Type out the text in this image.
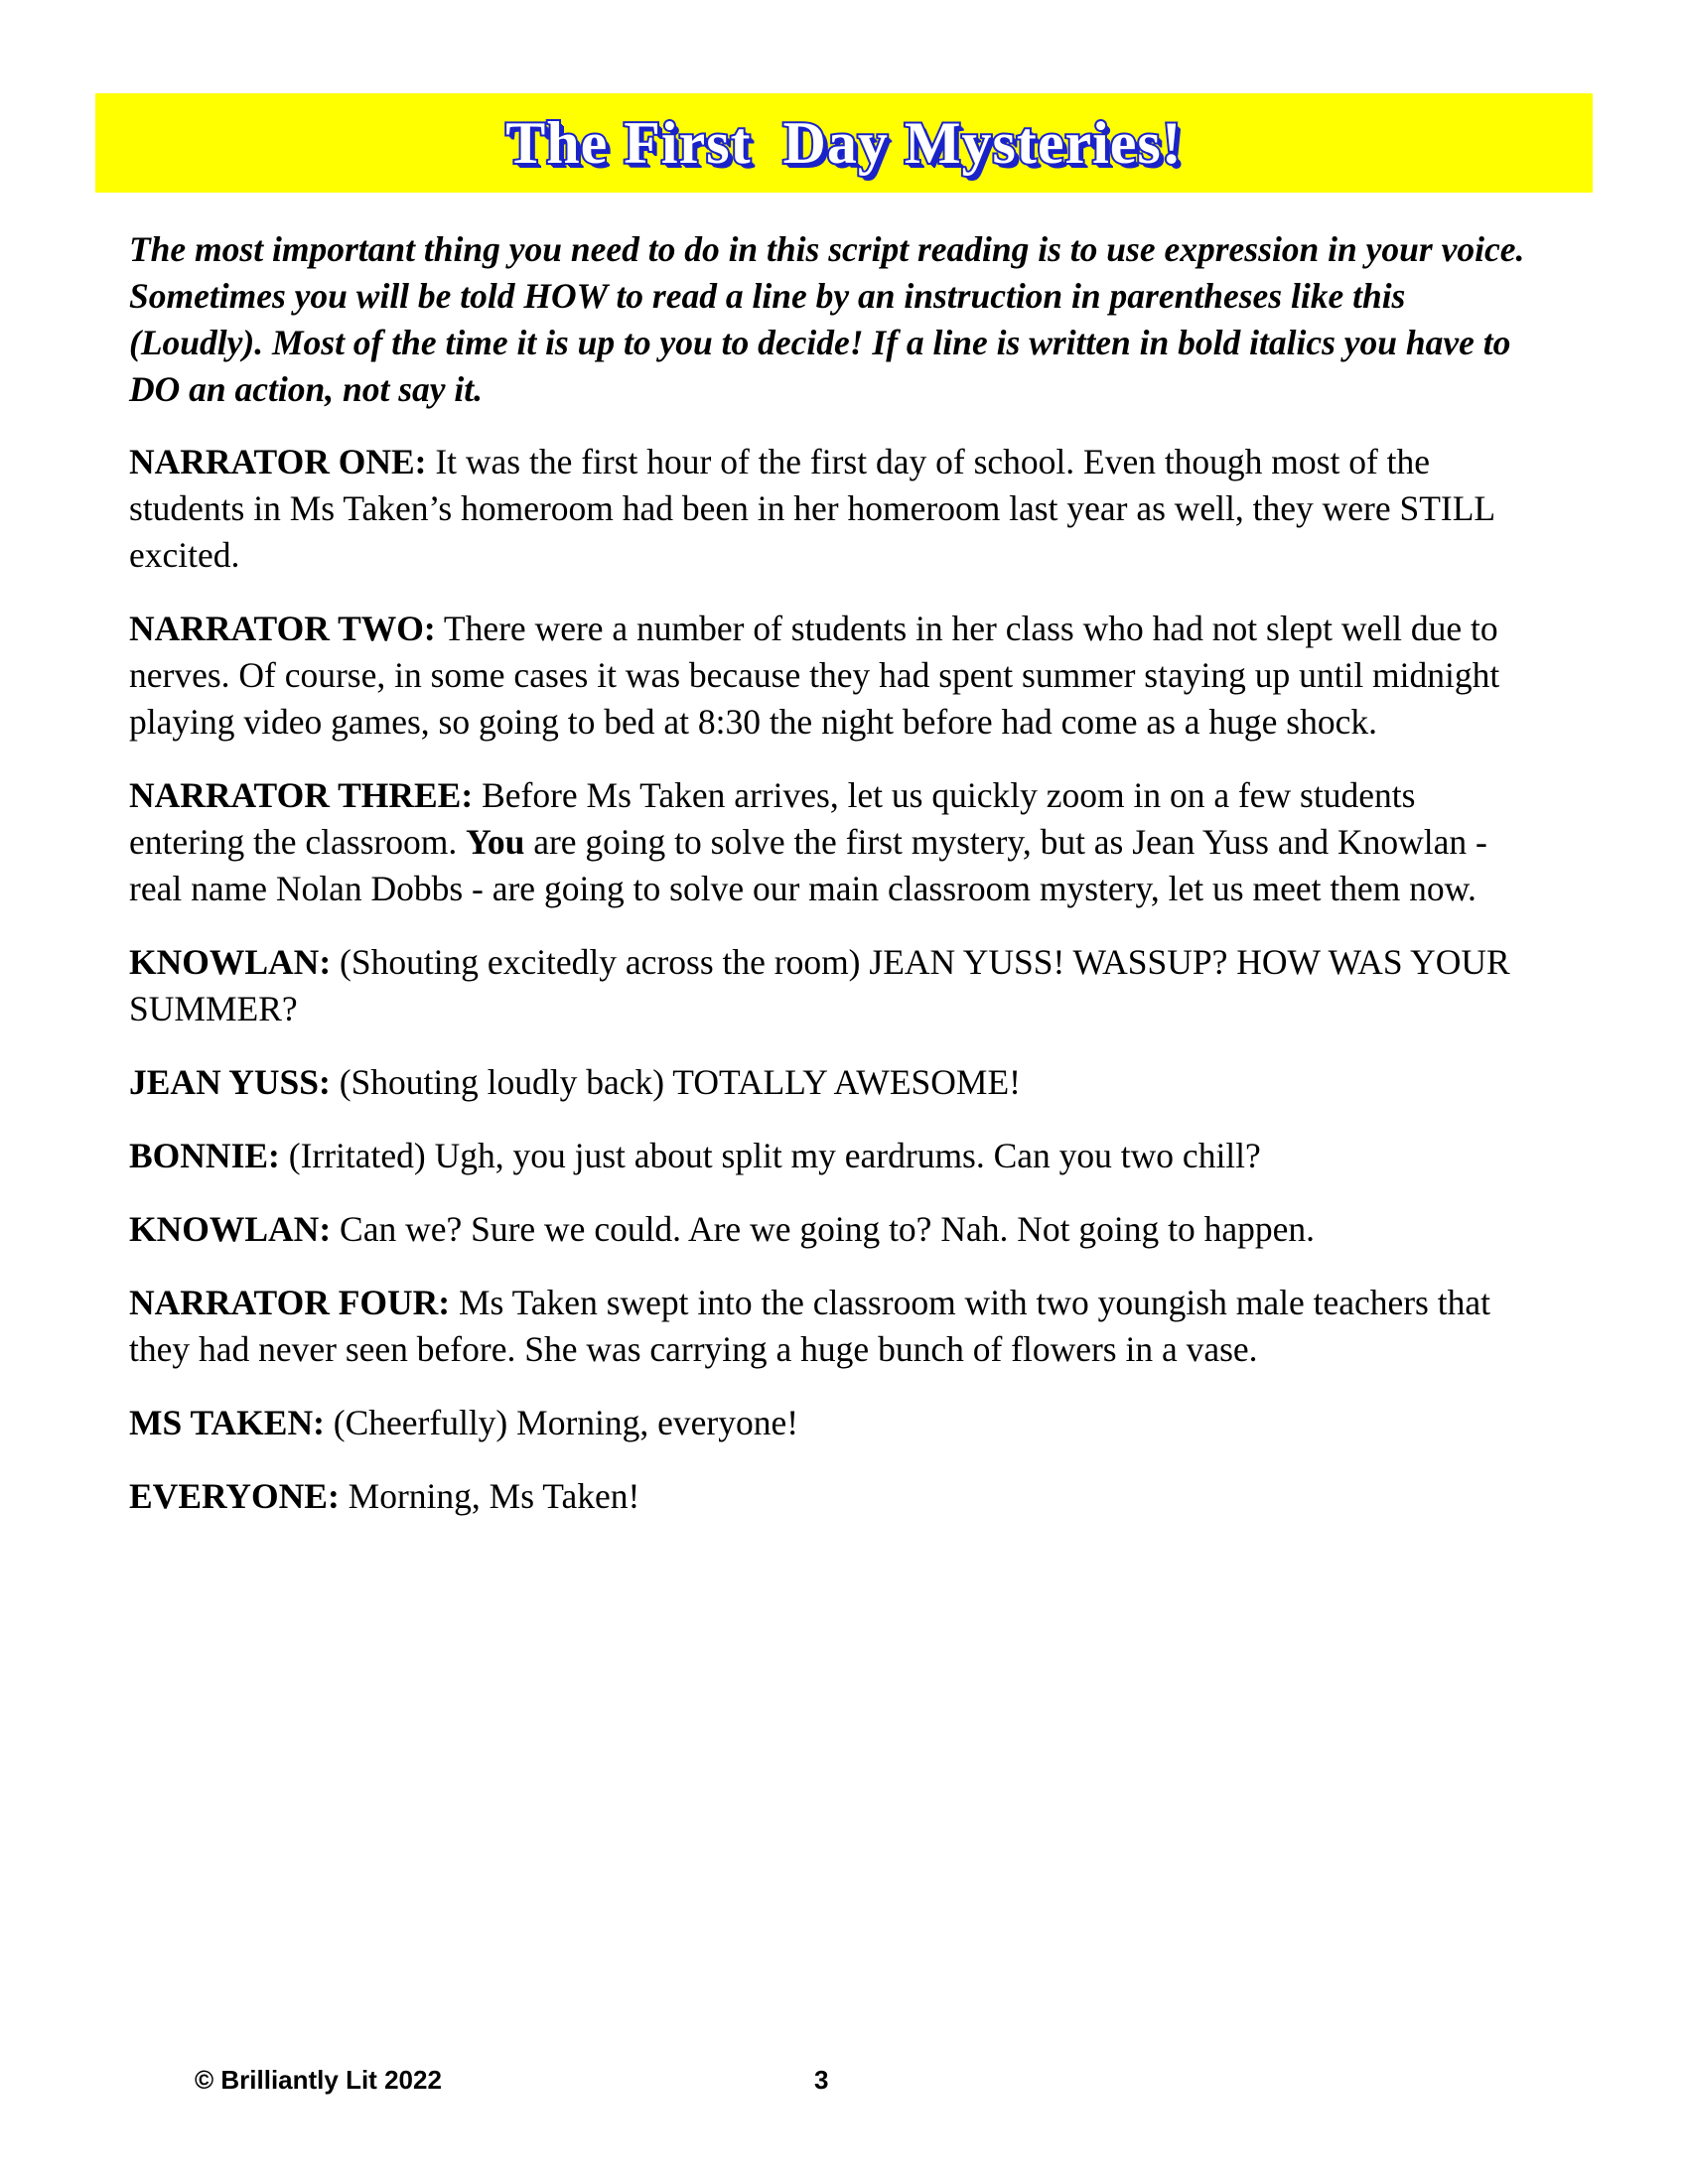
The First  Day Mysteries!

The most important thing you need to do in this script reading is to use expression in your voice. Sometimes you will be told HOW to read a line by an instruction in parentheses like this (Loudly). Most of the time it is up to you to decide! If a line is written in bold italics you have to DO an action, not say it.

NARRATOR ONE: It was the first hour of the first day of school. Even though most of the students in Ms Taken’s homeroom had been in her homeroom last year as well, they were STILL excited.

NARRATOR TWO: There were a number of students in her class who had not slept well due to nerves. Of course, in some cases it was because they had spent summer staying up until midnight playing video games, so going to bed at 8:30 the night before had come as a huge shock.

NARRATOR THREE: Before Ms Taken arrives, let us quickly zoom in on a few students entering the classroom. You are going to solve the first mystery, but as Jean Yuss and Knowlan - real name Nolan Dobbs - are going to solve our main classroom mystery, let us meet them now.

KNOWLAN: (Shouting excitedly across the room) JEAN YUSS! WASSUP? HOW WAS YOUR SUMMER?

JEAN YUSS: (Shouting loudly back) TOTALLY AWESOME!

BONNIE: (Irritated) Ugh, you just about split my eardrums. Can you two chill?

KNOWLAN: Can we? Sure we could. Are we going to? Nah. Not going to happen.

NARRATOR FOUR: Ms Taken swept into the classroom with two youngish male teachers that they had never seen before. She was carrying a huge bunch of flowers in a vase.

MS TAKEN: (Cheerfully) Morning, everyone!

EVERYONE: Morning, Ms Taken!

© Brilliantly Lit 2022	3
